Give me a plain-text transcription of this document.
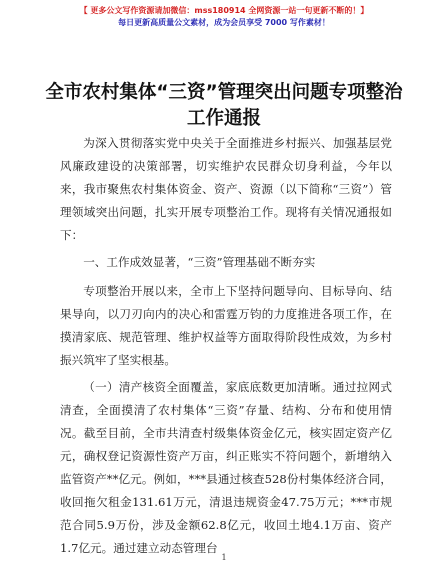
【 更多公文写作资源请加微信：mss180914 全网资源一站一句更新不断的！】
每日更新高质量公文素材，成为会员享受 7000 写作素材！
全市农村集体“三资”管理突出问题专项整治工作通报

为深入贯彻落实党中央关于全面推进乡村振兴、加强基层党风廉政建设的决策部署，切实维护农民群众切身利益，今年以来，我市聚焦农村集体资金、资产、资源（以下简称“三资”）管理领域突出问题，扎实开展专项整治工作。现将有关情况通报如下：

一、工作成效显著，“三资”管理基础不断夯实

专项整治开展以来，全市上下坚持问题导向、目标导向、结果导向，以刀刃向内的决心和雷霆万钧的力度推进各项工作，在摸清家底、规范管理、维护权益等方面取得阶段性成效，为乡村振兴筑牢了坚实根基。

（一）清产核资全面覆盖，家底底数更加清晰。通过拉网式清查，全面摸清了农村集体“三资”存量、结构、分布和使用情况。截至目前，全市共清查村级集体资金亿元，核实固定资产亿元，确权登记资源性资产万亩，纠正账实不符问题个，新增纳入监管资产**亿元。例如，***县通过核查528份村集体经济合同，收回拖欠租金131.61万元，清退违规资金47.75万元；***市规范合同5.9万份，涉及金额62.8亿元，收回土地4.1万亩、资产1.7亿元。通过建立动态管理台

1
